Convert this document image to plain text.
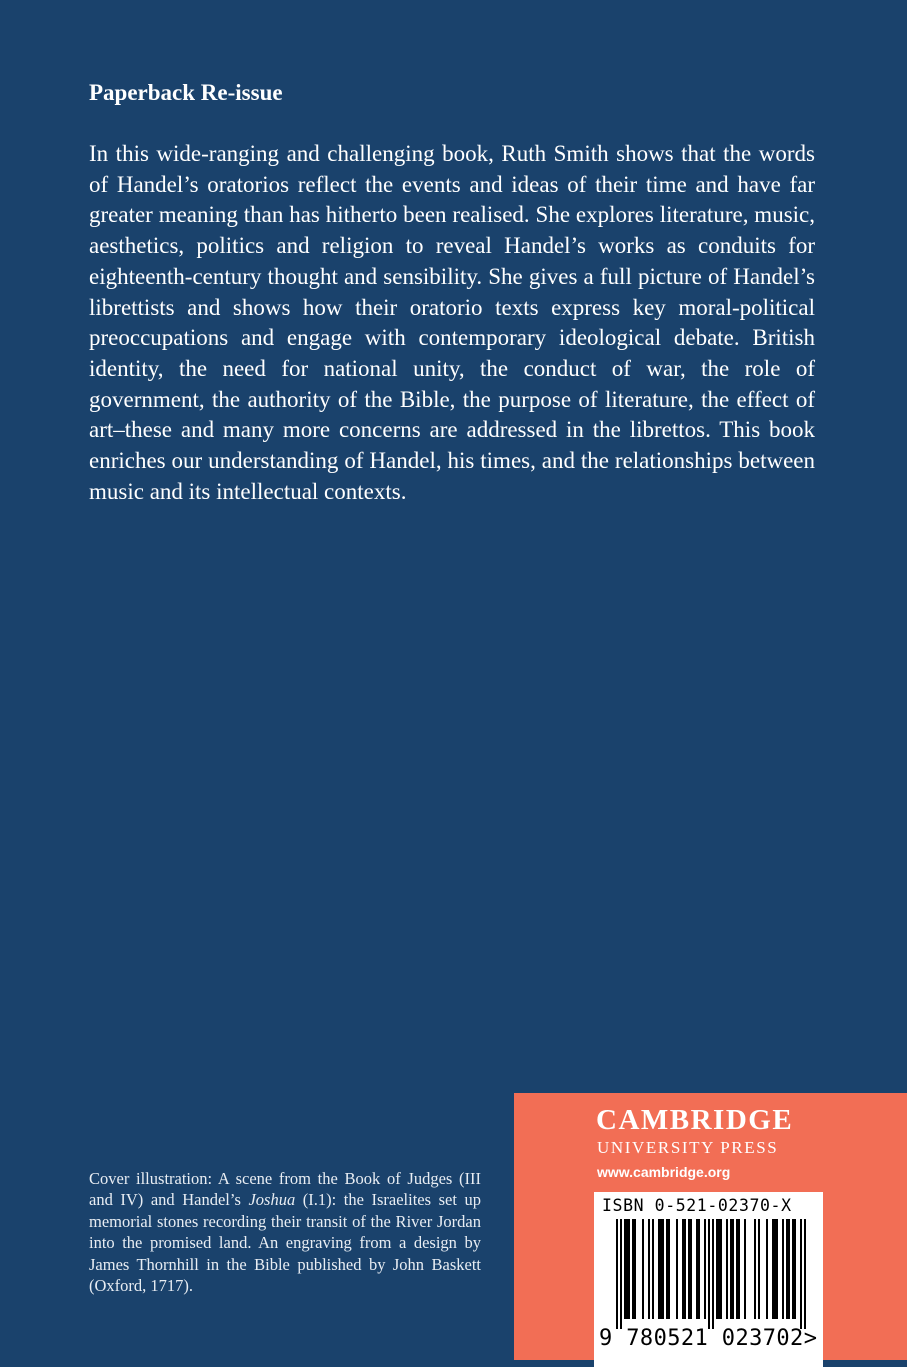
Paperback Re-issue

In this wide-ranging and challenging book, Ruth Smith shows that the words of Handel’s oratorios reflect the events and ideas of their time and have far greater meaning than has hitherto been realised. She explores literature, music, aesthetics, politics and religion to reveal Handel’s works as conduits for eighteenth-century thought and sensibility. She gives a full picture of Handel’s librettists and shows how their oratorio texts express key moral-political preoccupations and engage with contemporary ideological debate. British identity, the need for national unity, the conduct of war, the role of government, the authority of the Bible, the purpose of literature, the effect of art–these and many more concerns are addressed in the librettos. This book enriches our understanding of Handel, his times, and the relationships between music and its intellectual contexts.

Cover illustration: A scene from the Book of Judges (III and IV) and Handel’s Joshua (I.1): the Israelites set up memorial stones recording their transit of the River Jordan into the promised land. An engraving from a design by James Thornhill in the Bible published by John Baskett (Oxford, 1717).

CAMBRIDGE
UNIVERSITY PRESS
www.cambridge.org
ISBN 0-521-02370-X
9 780521 023702>
